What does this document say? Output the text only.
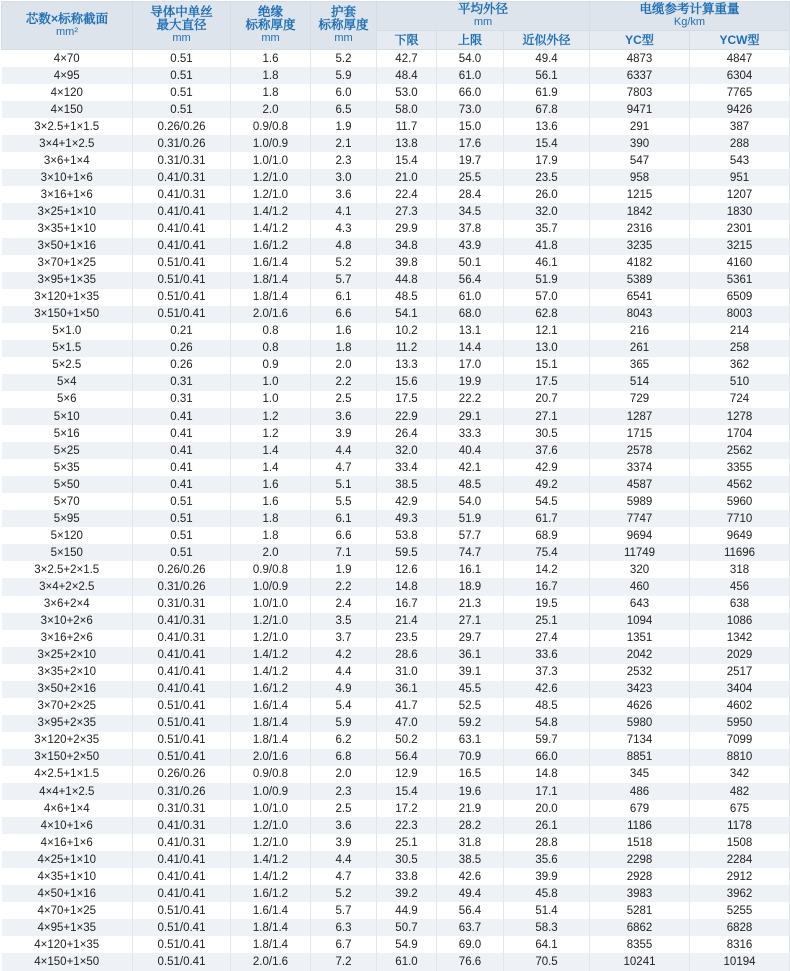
芯数×标称截面
mm²	导体中单丝
最大直径
mm	绝缘
标称厚度
mm	护套
标称厚度
mm	平均外径
mm			电缆参考计算重量
Kg/km	

				下限	上限	近似外径	YC型	YCW型
4×70	0.51	1.6	5.2	42.7	54.0	49.4	4873	4847
4×95	0.51	1.8	5.9	48.4	61.0	56.1	6337	6304
4×120	0.51	1.8	6.0	53.0	66.0	61.9	7803	7765
4×150	0.51	2.0	6.5	58.0	73.0	67.8	9471	9426
3×2.5+1×1.5	0.26/0.26	0.9/0.8	1.9	11.7	15.0	13.6	291	387
3×4+1×2.5	0.31/0.26	1.0/0.9	2.1	13.8	17.6	15.4	390	288
3×6+1×4	0.31/0.31	1.0/1.0	2.3	15.4	19.7	17.9	547	543
3×10+1×6	0.41/0.31	1.2/1.0	3.0	21.0	25.5	23.5	958	951
3×16+1×6	0.41/0.31	1.2/1.0	3.6	22.4	28.4	26.0	1215	1207
3×25+1×10	0.41/0.41	1.4/1.2	4.1	27.3	34.5	32.0	1842	1830
3×35+1×10	0.41/0.41	1.4/1.2	4.3	29.9	37.8	35.7	2316	2301
3×50+1×16	0.41/0.41	1.6/1.2	4.8	34.8	43.9	41.8	3235	3215
3×70+1×25	0.51/0.41	1.6/1.4	5.2	39.8	50.1	46.1	4182	4160
3×95+1×35	0.51/0.41	1.8/1.4	5.7	44.8	56.4	51.9	5389	5361
3×120+1×35	0.51/0.41	1.8/1.4	6.1	48.5	61.0	57.0	6541	6509
3×150+1×50	0.51/0.41	2.0/1.6	6.6	54.1	68.0	62.8	8043	8003
5×1.0	0.21	0.8	1.6	10.2	13.1	12.1	216	214
5×1.5	0.26	0.8	1.8	11.2	14.4	13.0	261	258
5×2.5	0.26	0.9	2.0	13.3	17.0	15.1	365	362
5×4	0.31	1.0	2.2	15.6	19.9	17.5	514	510
5×6	0.31	1.0	2.5	17.5	22.2	20.7	729	724
5×10	0.41	1.2	3.6	22.9	29.1	27.1	1287	1278
5×16	0.41	1.2	3.9	26.4	33.3	30.5	1715	1704
5×25	0.41	1.4	4.4	32.0	40.4	37.6	2578	2562
5×35	0.41	1.4	4.7	33.4	42.1	42.9	3374	3355
5×50	0.41	1.6	5.1	38.5	48.5	49.2	4587	4562
5×70	0.51	1.6	5.5	42.9	54.0	54.5	5989	5960
5×95	0.51	1.8	6.1	49.3	51.9	61.7	7747	7710
5×120	0.51	1.8	6.6	53.8	57.7	68.9	9694	9649
5×150	0.51	2.0	7.1	59.5	74.7	75.4	11749	11696
3×2.5+2×1.5	0.26/0.26	0.9/0.8	1.9	12.6	16.1	14.2	320	318
3×4+2×2.5	0.31/0.26	1.0/0.9	2.2	14.8	18.9	16.7	460	456
3×6+2×4	0.31/0.31	1.0/1.0	2.4	16.7	21.3	19.5	643	638
3×10+2×6	0.41/0.31	1.2/1.0	3.5	21.4	27.1	25.1	1094	1086
3×16+2×6	0.41/0.31	1.2/1.0	3.7	23.5	29.7	27.4	1351	1342
3×25+2×10	0.41/0.41	1.4/1.2	4.2	28.6	36.1	33.6	2042	2029
3×35+2×10	0.41/0.41	1.4/1.2	4.4	31.0	39.1	37.3	2532	2517
3×50+2×16	0.41/0.41	1.6/1.2	4.9	36.1	45.5	42.6	3423	3404
3×70+2×25	0.51/0.41	1.6/1.4	5.4	41.7	52.5	48.5	4626	4602
3×95+2×35	0.51/0.41	1.8/1.4	5.9	47.0	59.2	54.8	5980	5950
3×120+2×35	0.51/0.41	1.8/1.4	6.2	50.2	63.1	59.7	7134	7099
3×150+2×50	0.51/0.41	2.0/1.6	6.8	56.4	70.9	66.0	8851	8810
4×2.5+1×1.5	0.26/0.26	0.9/0.8	2.0	12.9	16.5	14.8	345	342
4×4+1×2.5	0.31/0.26	1.0/0.9	2.3	15.4	19.6	17.1	486	482
4×6+1×4	0.31/0.31	1.0/1.0	2.5	17.2	21.9	20.0	679	675
4×10+1×6	0.41/0.31	1.2/1.0	3.6	22.3	28.2	26.1	1186	1178
4×16+1×6	0.41/0.31	1.2/1.0	3.9	25.1	31.8	28.8	1518	1508
4×25+1×10	0.41/0.41	1.4/1.2	4.4	30.5	38.5	35.6	2298	2284
4×35+1×10	0.41/0.41	1.4/1.2	4.7	33.8	42.6	39.9	2928	2912
4×50+1×16	0.41/0.41	1.6/1.2	5.2	39.2	49.4	45.8	3983	3962
4×70+1×25	0.51/0.41	1.6/1.4	5.7	44.9	56.4	51.4	5281	5255
4×95+1×35	0.51/0.41	1.8/1.4	6.3	50.7	63.7	58.3	6862	6828
4×120+1×35	0.51/0.41	1.8/1.4	6.7	54.9	69.0	64.1	8355	8316
4×150+1×50	0.51/0.41	2.0/1.6	7.2	61.0	76.6	70.5	10241	10194
